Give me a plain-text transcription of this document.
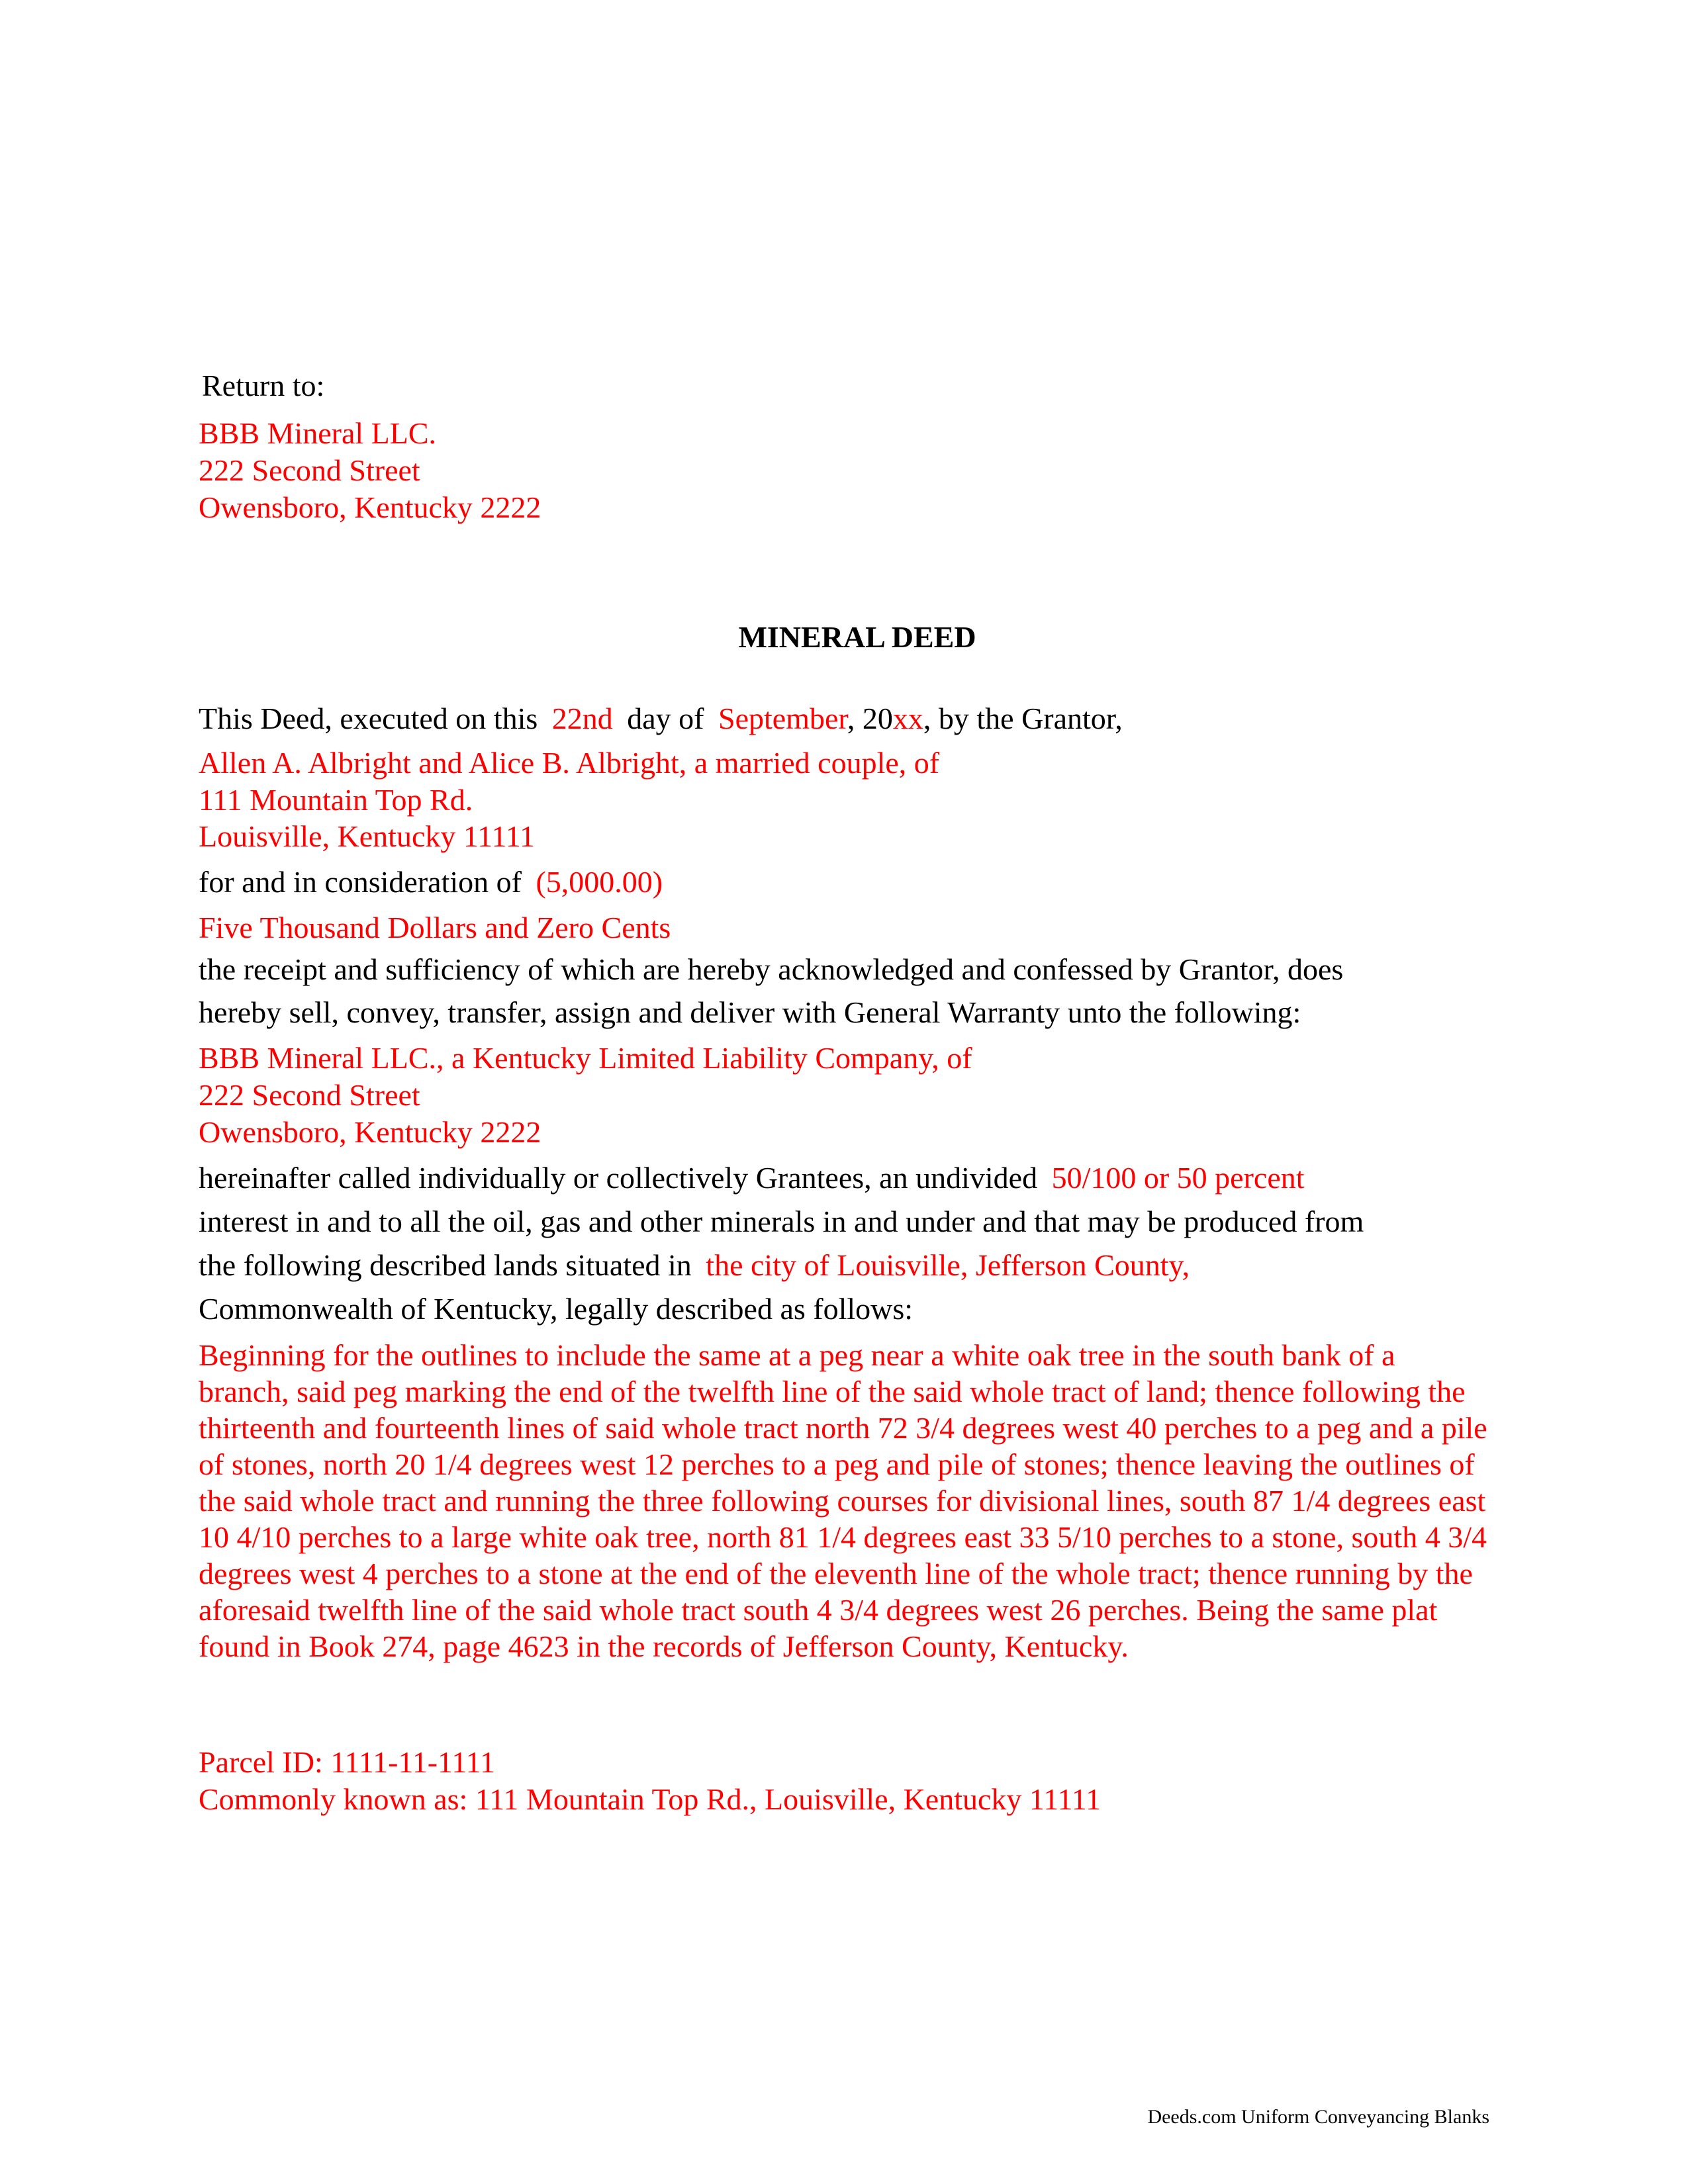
Return to:
BBB Mineral LLC.
222 Second Street
Owensboro, Kentucky 2222
MINERAL DEED
This Deed, executed on this 22nd day of September, 20xx, by the Grantor,
Allen A. Albright and Alice B. Albright, a married couple, of
111 Mountain Top Rd.
Louisville, Kentucky 11111
for and in consideration of (5,000.00)
Five Thousand Dollars and Zero Cents
the receipt and sufficiency of which are hereby acknowledged and confessed by Grantor, does
hereby sell, convey, transfer, assign and deliver with General Warranty unto the following:
BBB Mineral LLC., a Kentucky Limited Liability Company, of
222 Second Street
Owensboro, Kentucky 2222
hereinafter called individually or collectively Grantees, an undivided 50/100 or 50 percent
interest in and to all the oil, gas and other minerals in and under and that may be produced from
the following described lands situated in the city of Louisville, Jefferson County,
Commonwealth of Kentucky, legally described as follows:
Beginning for the outlines to include the same at a peg near a white oak tree in the south bank of a branch, said peg marking the end of the twelfth line of the said whole tract of land; thence following the thirteenth and fourteenth lines of said whole tract north 72 3/4 degrees west 40 perches to a peg and a pile of stones, north 20 1/4 degrees west 12 perches to a peg and pile of stones; thence leaving the outlines of the said whole tract and running the three following courses for divisional lines, south 87 1/4 degrees east 10 4/10 perches to a large white oak tree, north 81 1/4 degrees east 33 5/10 perches to a stone, south 4 3/4 degrees west 4 perches to a stone at the end of the eleventh line of the whole tract; thence running by the aforesaid twelfth line of the said whole tract south 4 3/4 degrees west 26 perches. Being the same plat found in Book 274, page 4623 in the records of Jefferson County, Kentucky.
Parcel ID: 1111-11-1111
Commonly known as: 111 Mountain Top Rd., Louisville, Kentucky 11111
Deeds.com Uniform Conveyancing Blanks
